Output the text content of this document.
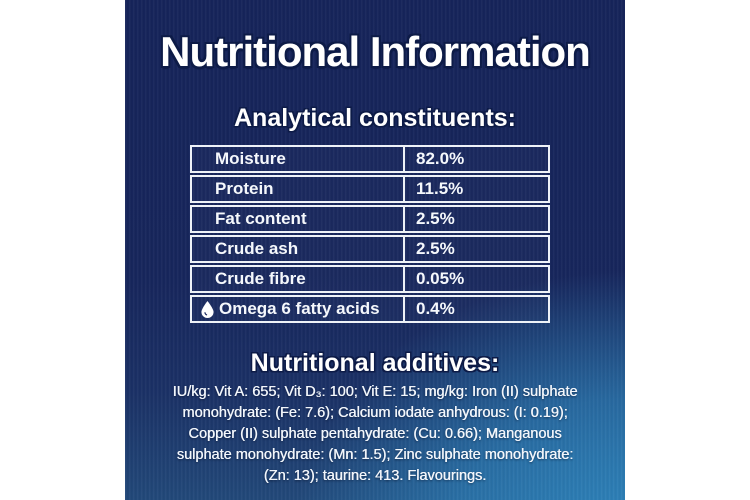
Nutritional Information
Analytical constituents:
Moisture	82.0%
Protein	11.5%
Fat content	2.5%
Crude ash	2.5%
Crude fibre	0.05%
Omega 6 fatty acids	0.4%
Nutritional additives:
IU/kg: Vit A: 655; Vit D₃: 100; Vit E: 15; mg/kg: Iron (II) sulphate
monohydrate: (Fe: 7.6); Calcium iodate anhydrous: (I: 0.19);
Copper (II) sulphate pentahydrate: (Cu: 0.66); Manganous
sulphate monohydrate: (Mn: 1.5); Zinc sulphate monohydrate:
(Zn: 13); taurine: 413. Flavourings.
